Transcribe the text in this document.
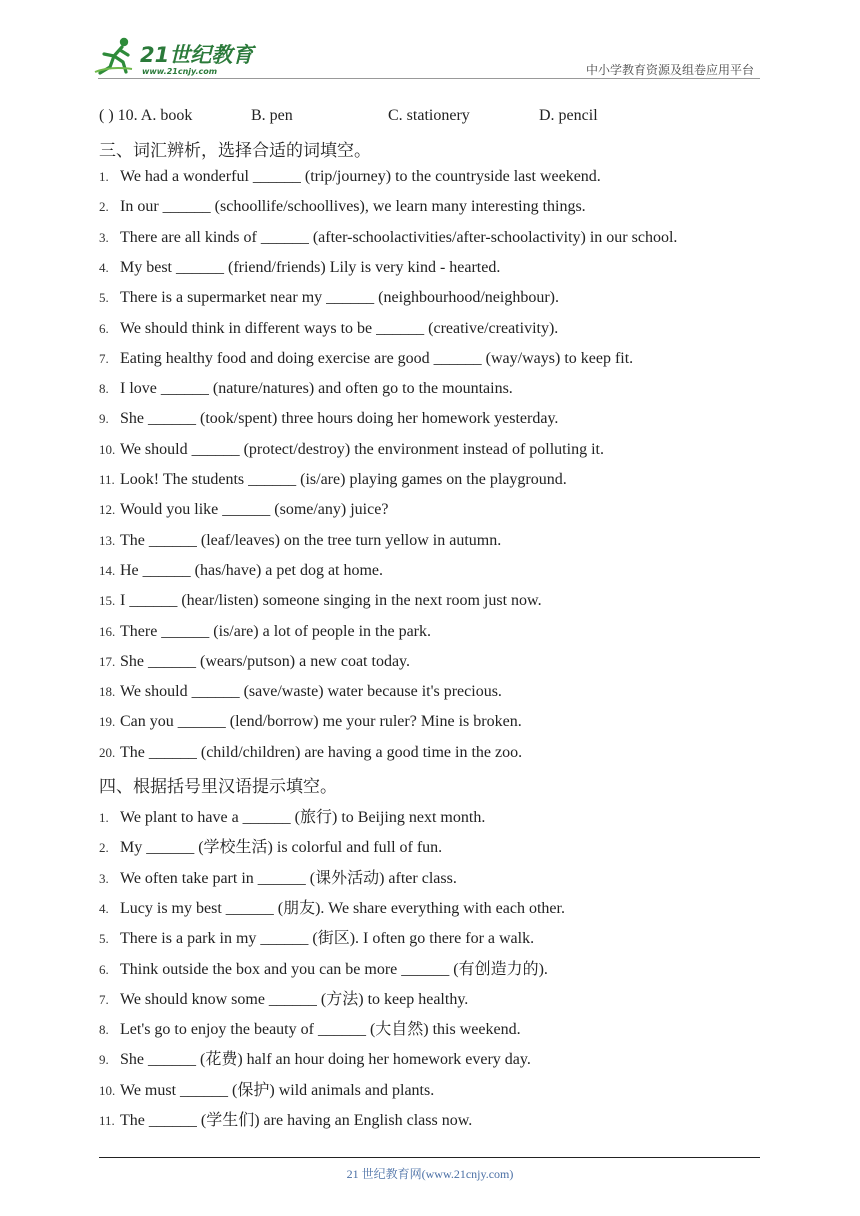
21世纪教育
www.21cnjy.com	中小学教育资源及组卷应用平台

( ) 10. A. book

	B. pen

	C. stationery

	D. pencil

三、词汇辨析，选择合适的词填空。
1. We had a wonderful ______ (trip/journey) to the countryside last weekend.
2. In our ______ (schoollife/schoollives), we learn many interesting things.
3. There are all kinds of ______ (after-schoolactivities/after-schoolactivity) in our school.
4. My best ______ (friend/friends) Lily is very kind - hearted.
5. There is a supermarket near my ______ (neighbourhood/neighbour).
6. We should think in different ways to be ______ (creative/creativity).
7. Eating healthy food and doing exercise are good ______ (way/ways) to keep fit.
8. I love ______ (nature/natures) and often go to the mountains.
9. She ______ (took/spent) three hours doing her homework yesterday.
10. We should ______ (protect/destroy) the environment instead of polluting it.
11. Look! The students ______ (is/are) playing games on the playground.
12. Would you like ______ (some/any) juice?
13. The ______ (leaf/leaves) on the tree turn yellow in autumn.
14. He ______ (has/have) a pet dog at home.
15. I ______ (hear/listen) someone singing in the next room just now.
16. There ______ (is/are) a lot of people in the park.
17. She ______ (wears/putson) a new coat today.
18. We should ______ (save/waste) water because it's precious.
19. Can you ______ (lend/borrow) me your ruler? Mine is broken.
20. The ______ (child/children) are having a good time in the zoo.
四、根据括号里汉语提示填空。
1. We plant to have a ______ (旅行) to Beijing next month.
2. My ______ (学校生活) is colorful and full of fun.
3. We often take part in ______ (课外活动) after class.
4. Lucy is my best ______ (朋友). We share everything with each other.
5. There is a park in my ______ (街区). I often go there for a walk.
6. Think outside the box and you can be more ______ (有创造力的).
7. We should know some ______ (方法) to keep healthy.
8. Let's go to enjoy the beauty of ______ (大自然) this weekend.
9. She ______ (花费) half an hour doing her homework every day.
10. We must ______ (保护) wild animals and plants.
11. The ______ (学生们) are having an English class now.
21 世纪教育网(www.21cnjy.com)
